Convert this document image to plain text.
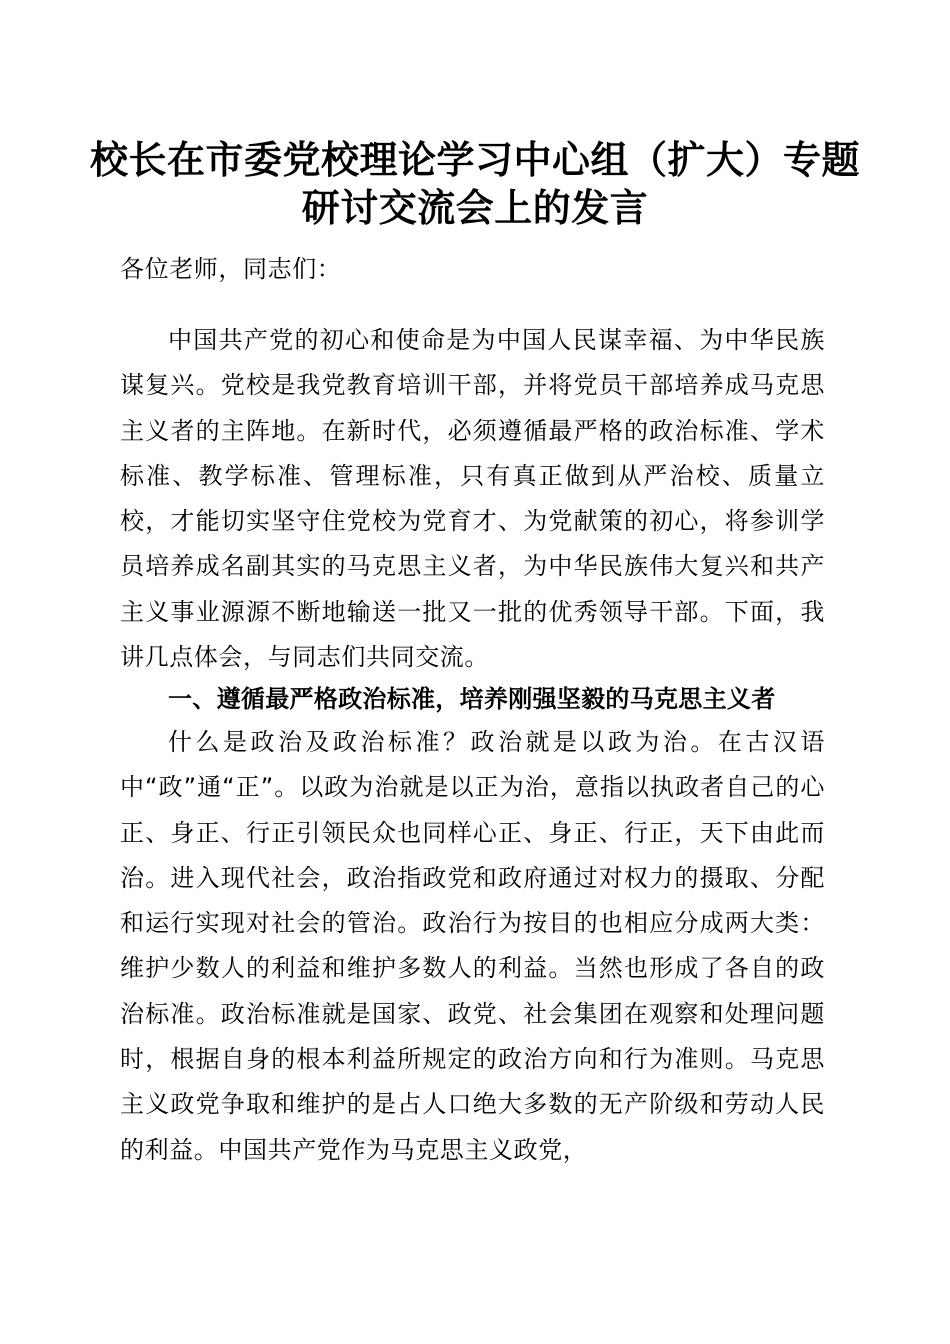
校长在市委党校理论学习中心组（扩大）专题
研讨交流会上的发言
各位老师，同志们：

中国共产党的初心和使命是为中国人民谋幸福、为中华民族谋复兴。党校是我党教育培训干部，并将党员干部培养成马克思主义者的主阵地。在新时代，必须遵循最严格的政治标准、学术标准、教学标准、管理标准，只有真正做到从严治校、质量立校，才能切实坚守住党校为党育才、为党献策的初心，将参训学员培养成名副其实的马克思主义者，为中华民族伟大复兴和共产主义事业源源不断地输送一批又一批的优秀领导干部。下面，我讲几点体会，与同志们共同交流。

一、遵循最严格政治标准，培养刚强坚毅的马克思主义者

什么是政治及政治标准？政治就是以政为治。在古汉语中“政”通“正”。以政为治就是以正为治，意指以执政者自己的心正、身正、行正引领民众也同样心正、身正、行正，天下由此而治。进入现代社会，政治指政党和政府通过对权力的摄取、分配和运行实现对社会的管治。政治行为按目的也相应分成两大类：维护少数人的利益和维护多数人的利益。当然也形成了各自的政治标准。政治标准就是国家、政党、社会集团在观察和处理问题时，根据自身的根本利益所规定的政治方向和行为准则。马克思主义政党争取和维护的是占人口绝大多数的无产阶级和劳动人民的利益。中国共产党作为马克思主义政党，
